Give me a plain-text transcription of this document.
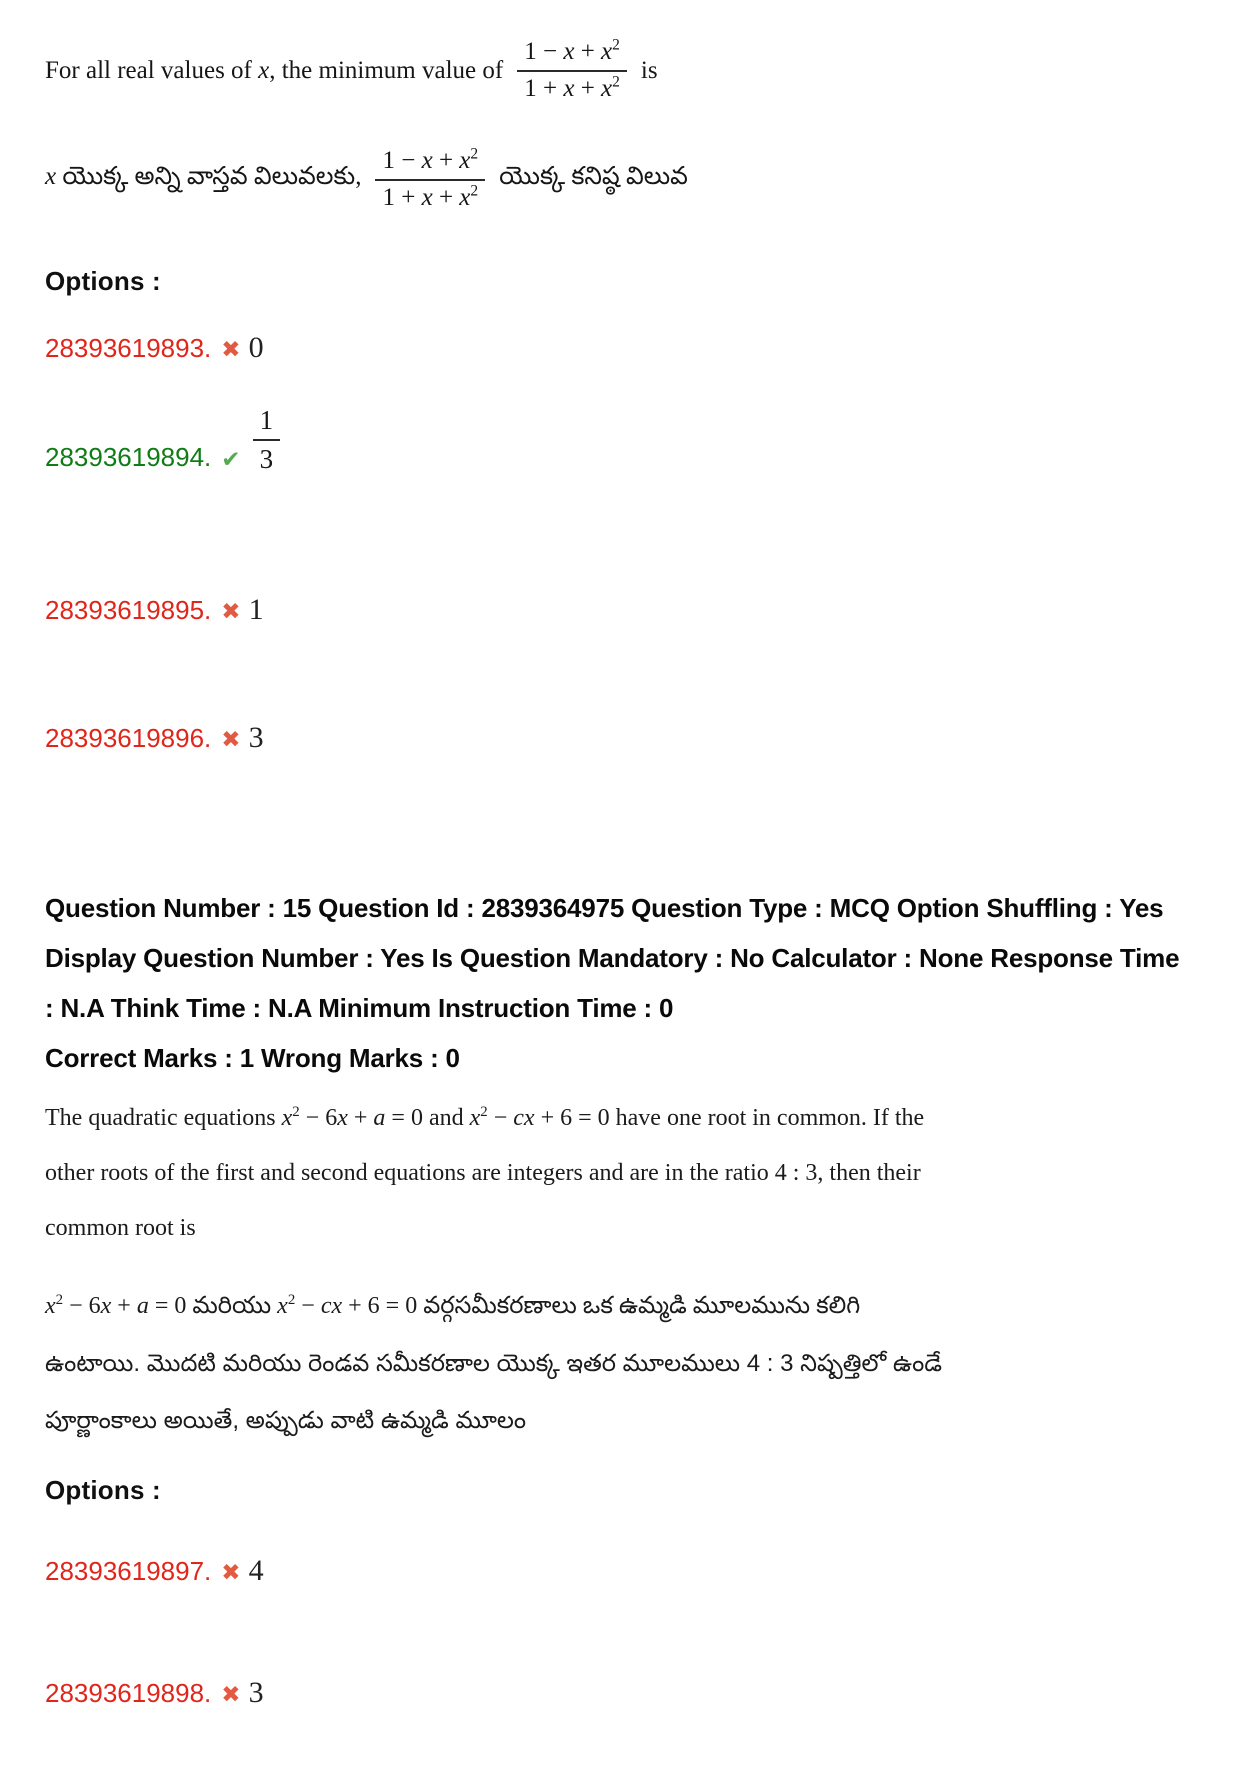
For all real values of x, the minimum value of $\frac{1 - x + x^2}{1 + x + x^2}$ is
x యొక్క అన్ని వాస్తవ విలువలకు, $\frac{1 - x + x^2}{1 + x + x^2}$ యొక్క కనిష్ఠ విలువ
Options :
28393619893. ✖ 0
28393619894. ✔ $\frac{1}{3}$
28393619895. ✖ 1
28393619896. ✖ 3
Question Number : 15 Question Id : 2839364975 Question Type : MCQ Option Shuffling : Yes
Display Question Number : Yes Is Question Mandatory : No Calculator : None Response Time
: N.A Think Time : N.A Minimum Instruction Time : 0
Correct Marks : 1 Wrong Marks : 0
The quadratic equations $x^2 - 6x + a = 0$ and $x^2$ − cx + 6 = 0 have one root in common. If the
other roots of the first and second equations are integers and are in the ratio 4 : 3, then their
common root is
$x^2 - 6x + a = 0$ మరియు $x^2$ − cx + 6 = 0 వర్గసమీకరణాలు ఒక ఉమ్మడి మూలమును కలిగి
ఉంటాయి. మొదటి మరియు రెండవ సమీకరణాల యొక్క ఇతర మూలములు 4 : 3 నిష్పత్తిలో ఉండే
పూర్ణాంకాలు అయితే, అప్పుడు వాటి ఉమ్మడి మూలం
Options :
28393619897. ✖ 4
28393619898. ✖ 3
